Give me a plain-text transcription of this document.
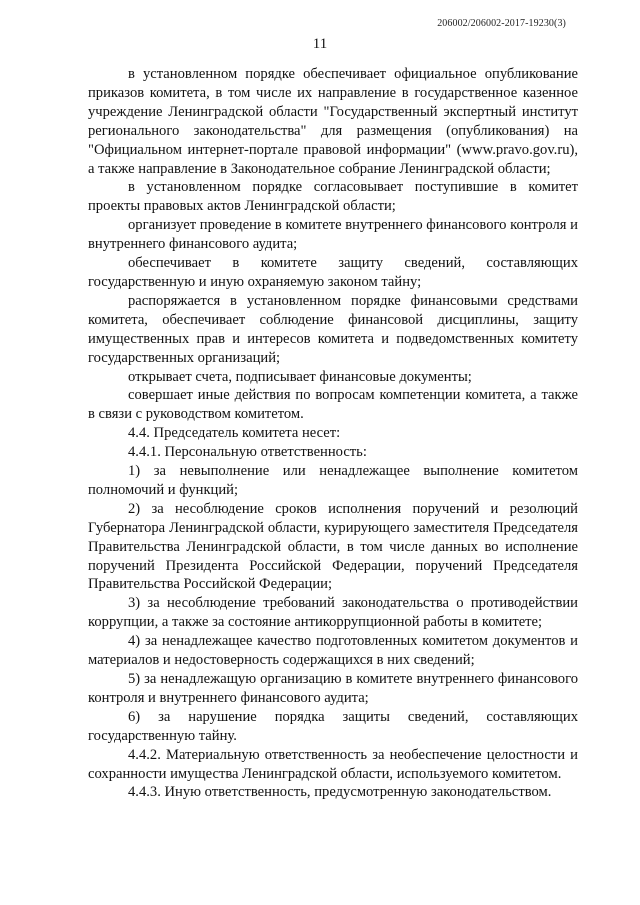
206002/206002-2017-19230(3)
11

в установленном порядке обеспечивает официальное опубликование приказов комитета, в том числе их направление в государственное казенное учреждение Ленинградской области "Государственный экспертный институт регионального законодательства" для размещения (опубликования) на "Официальном интернет-портале правовой информации" (www.pravo.gov.ru), а также направление в Законодательное собрание Ленинградской области;

в установленном порядке согласовывает поступившие в комитет проекты правовых актов Ленинградской области;

организует проведение в комитете внутреннего финансового контроля и внутреннего финансового аудита;

обеспечивает в комитете защиту сведений, составляющих государственную и иную охраняемую законом тайну;

распоряжается в установленном порядке финансовыми средствами комитета, обеспечивает соблюдение финансовой дисциплины, защиту имущественных прав и интересов комитета и подведомственных комитету государственных организаций;

открывает счета, подписывает финансовые документы;

совершает иные действия по вопросам компетенции комитета, а также в связи с руководством комитетом.

4.4. Председатель комитета несет:

4.4.1. Персональную ответственность:

1) за невыполнение или ненадлежащее выполнение комитетом полномочий и функций;

2) за несоблюдение сроков исполнения поручений и резолюций Губернатора Ленинградской области, курирующего заместителя Председателя Правительства Ленинградской области, в том числе данных во исполнение поручений Президента Российской Федерации, поручений Председателя Правительства Российской Федерации;

3) за несоблюдение требований законодательства о противодействии коррупции, а также за состояние антикоррупционной работы в комитете;

4) за ненадлежащее качество подготовленных комитетом документов и материалов и недостоверность содержащихся в них сведений;

5) за ненадлежащую организацию в комитете внутреннего финансового контроля и внутреннего финансового аудита;

6) за нарушение порядка защиты сведений, составляющих государственную тайну.

4.4.2. Материальную ответственность за необеспечение целостности и сохранности имущества Ленинградской области, используемого комитетом.

4.4.3. Иную ответственность, предусмотренную законодательством.
